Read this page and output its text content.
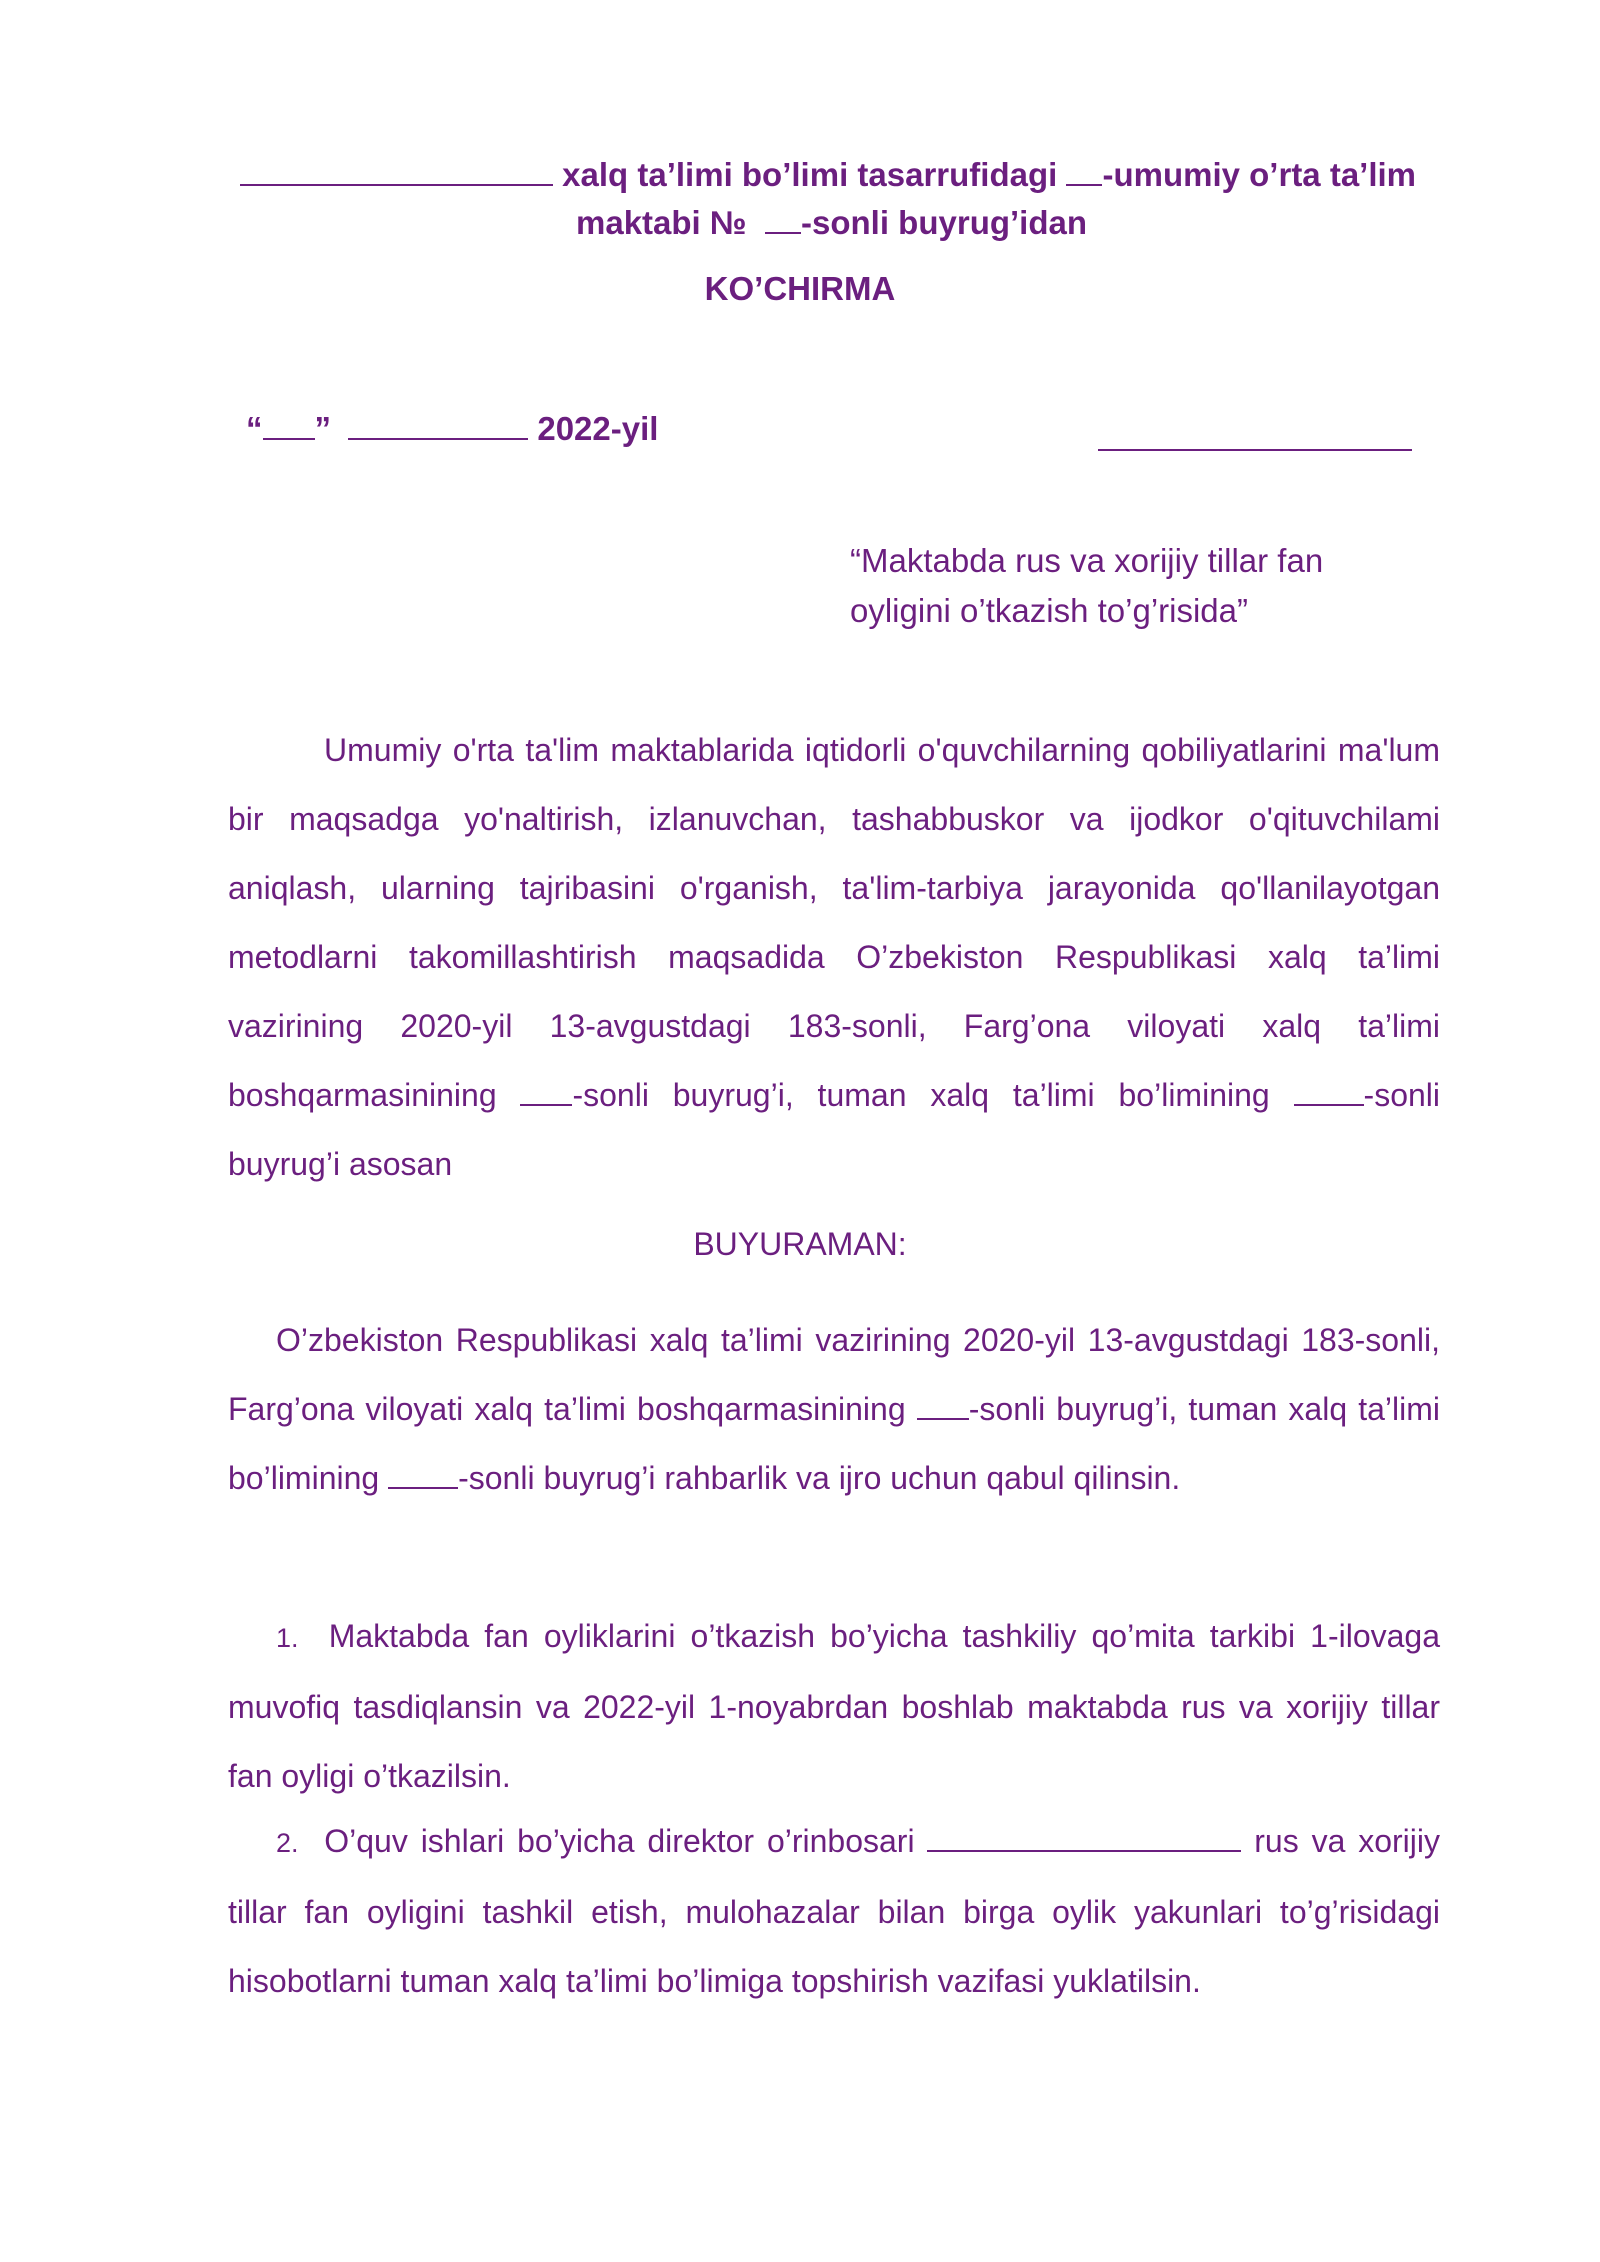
xalq ta’limi bo’limi tasarrufidagi -umumiy o’rta ta’lim
maktabi № -sonli buyrug’idan
KO’CHIRMA
“ ”	2022-yil
“Maktabda rus va xorijiy tillar fan
oyligini o’tkazish to’g’risida”
Umumiy o'rta ta'lim maktablarida iqtidorli o'quvchilarning qobiliyatlarini ma'lum bir maqsadga yo'naltirish, izlanuvchan, tashabbuskor va ijodkor o'qituvchilami aniqlash, ularning tajribasini o'rganish, ta'lim-tarbiya jarayonida qo'llanilayotgan metodlarni takomillashtirish maqsadida O’zbekiston Respublikasi xalq ta’limi vazirining 2020-yil 13-avgustdagi 183-sonli, Farg’ona viloyati xalq ta’limi boshqarmasinining -sonli buyrug’i, tuman xalq ta’limi bo’limining -sonli buyrug’i asosan
BUYURAMAN:
O’zbekiston Respublikasi xalq ta’limi vazirining 2020-yil 13-avgustdagi 183-sonli, Farg’ona viloyati xalq ta’limi boshqarmasinining -sonli buyrug’i, tuman xalq ta’limi bo’limining -sonli buyrug’i rahbarlik va ijro uchun qabul qilinsin.
1. Maktabda fan oyliklarini o’tkazish bo’yicha tashkiliy qo’mita tarkibi 1-ilovaga muvofiq tasdiqlansin va 2022-yil 1-noyabrdan boshlab maktabda rus va xorijiy tillar fan oyligi o’tkazilsin.
2. O’quv ishlari bo’yicha direktor o’rinbosari	rus va xorijiy tillar fan oyligini tashkil etish, mulohazalar bilan birga oylik yakunlari to’g’risidagi hisobotlarni tuman xalq ta’limi bo’limiga topshirish vazifasi yuklatilsin.
